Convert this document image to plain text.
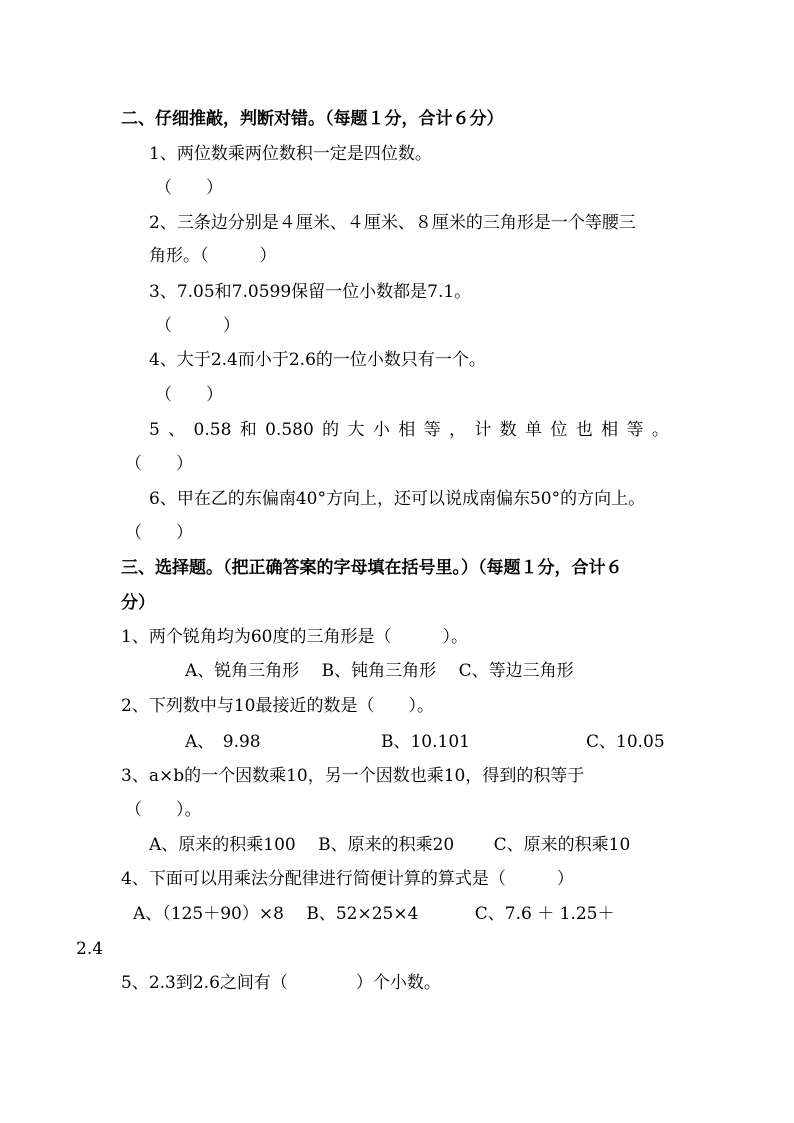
二、仔细推敲，判断对错。（每题１分，合计６分）
1、两位数乘两位数积一定是四位数。
（　　）
2、三条边分别是４厘米、４厘米、８厘米的三角形是一个等腰三
角形。（　　　）
3、7.05和7.0599保留一位小数都是7.1。
（　　　）
4、大于2.4而小于2.6的一位小数只有一个。
（　　）
5 、 0.58 和 0.580 的 大 小 相 等 ， 计 数 单 位 也 相 等 。
（　　）
6、甲在乙的东偏南40°方向上，还可以说成南偏东50°的方向上。
（　　）
三、选择题。（把正确答案的字母填在括号里。）（每题１分，合计６
分）
1、两个锐角均为60度的三角形是（　　　）。
A、锐角三角形　 B、钝角三角形　 C、等边三角形
2、下列数中与10最接近的数是（　　）。
A、　9.98	B、10.101	C、10.05
3、a×b的一个因数乘10，另一个因数也乘10，得到的积等于
（　　）。
A、原来的积乘100　 B、原来的积乘20　　 C、原来的积乘10
4、下面可以用乘法分配律进行简便计算的算式是（　　　）
A、（125＋90）×8　 B、52×25×4　　　 C、7.6 ＋ 1.25＋
2.4
5、2.3到2.6之间有（　　　　）个小数。
